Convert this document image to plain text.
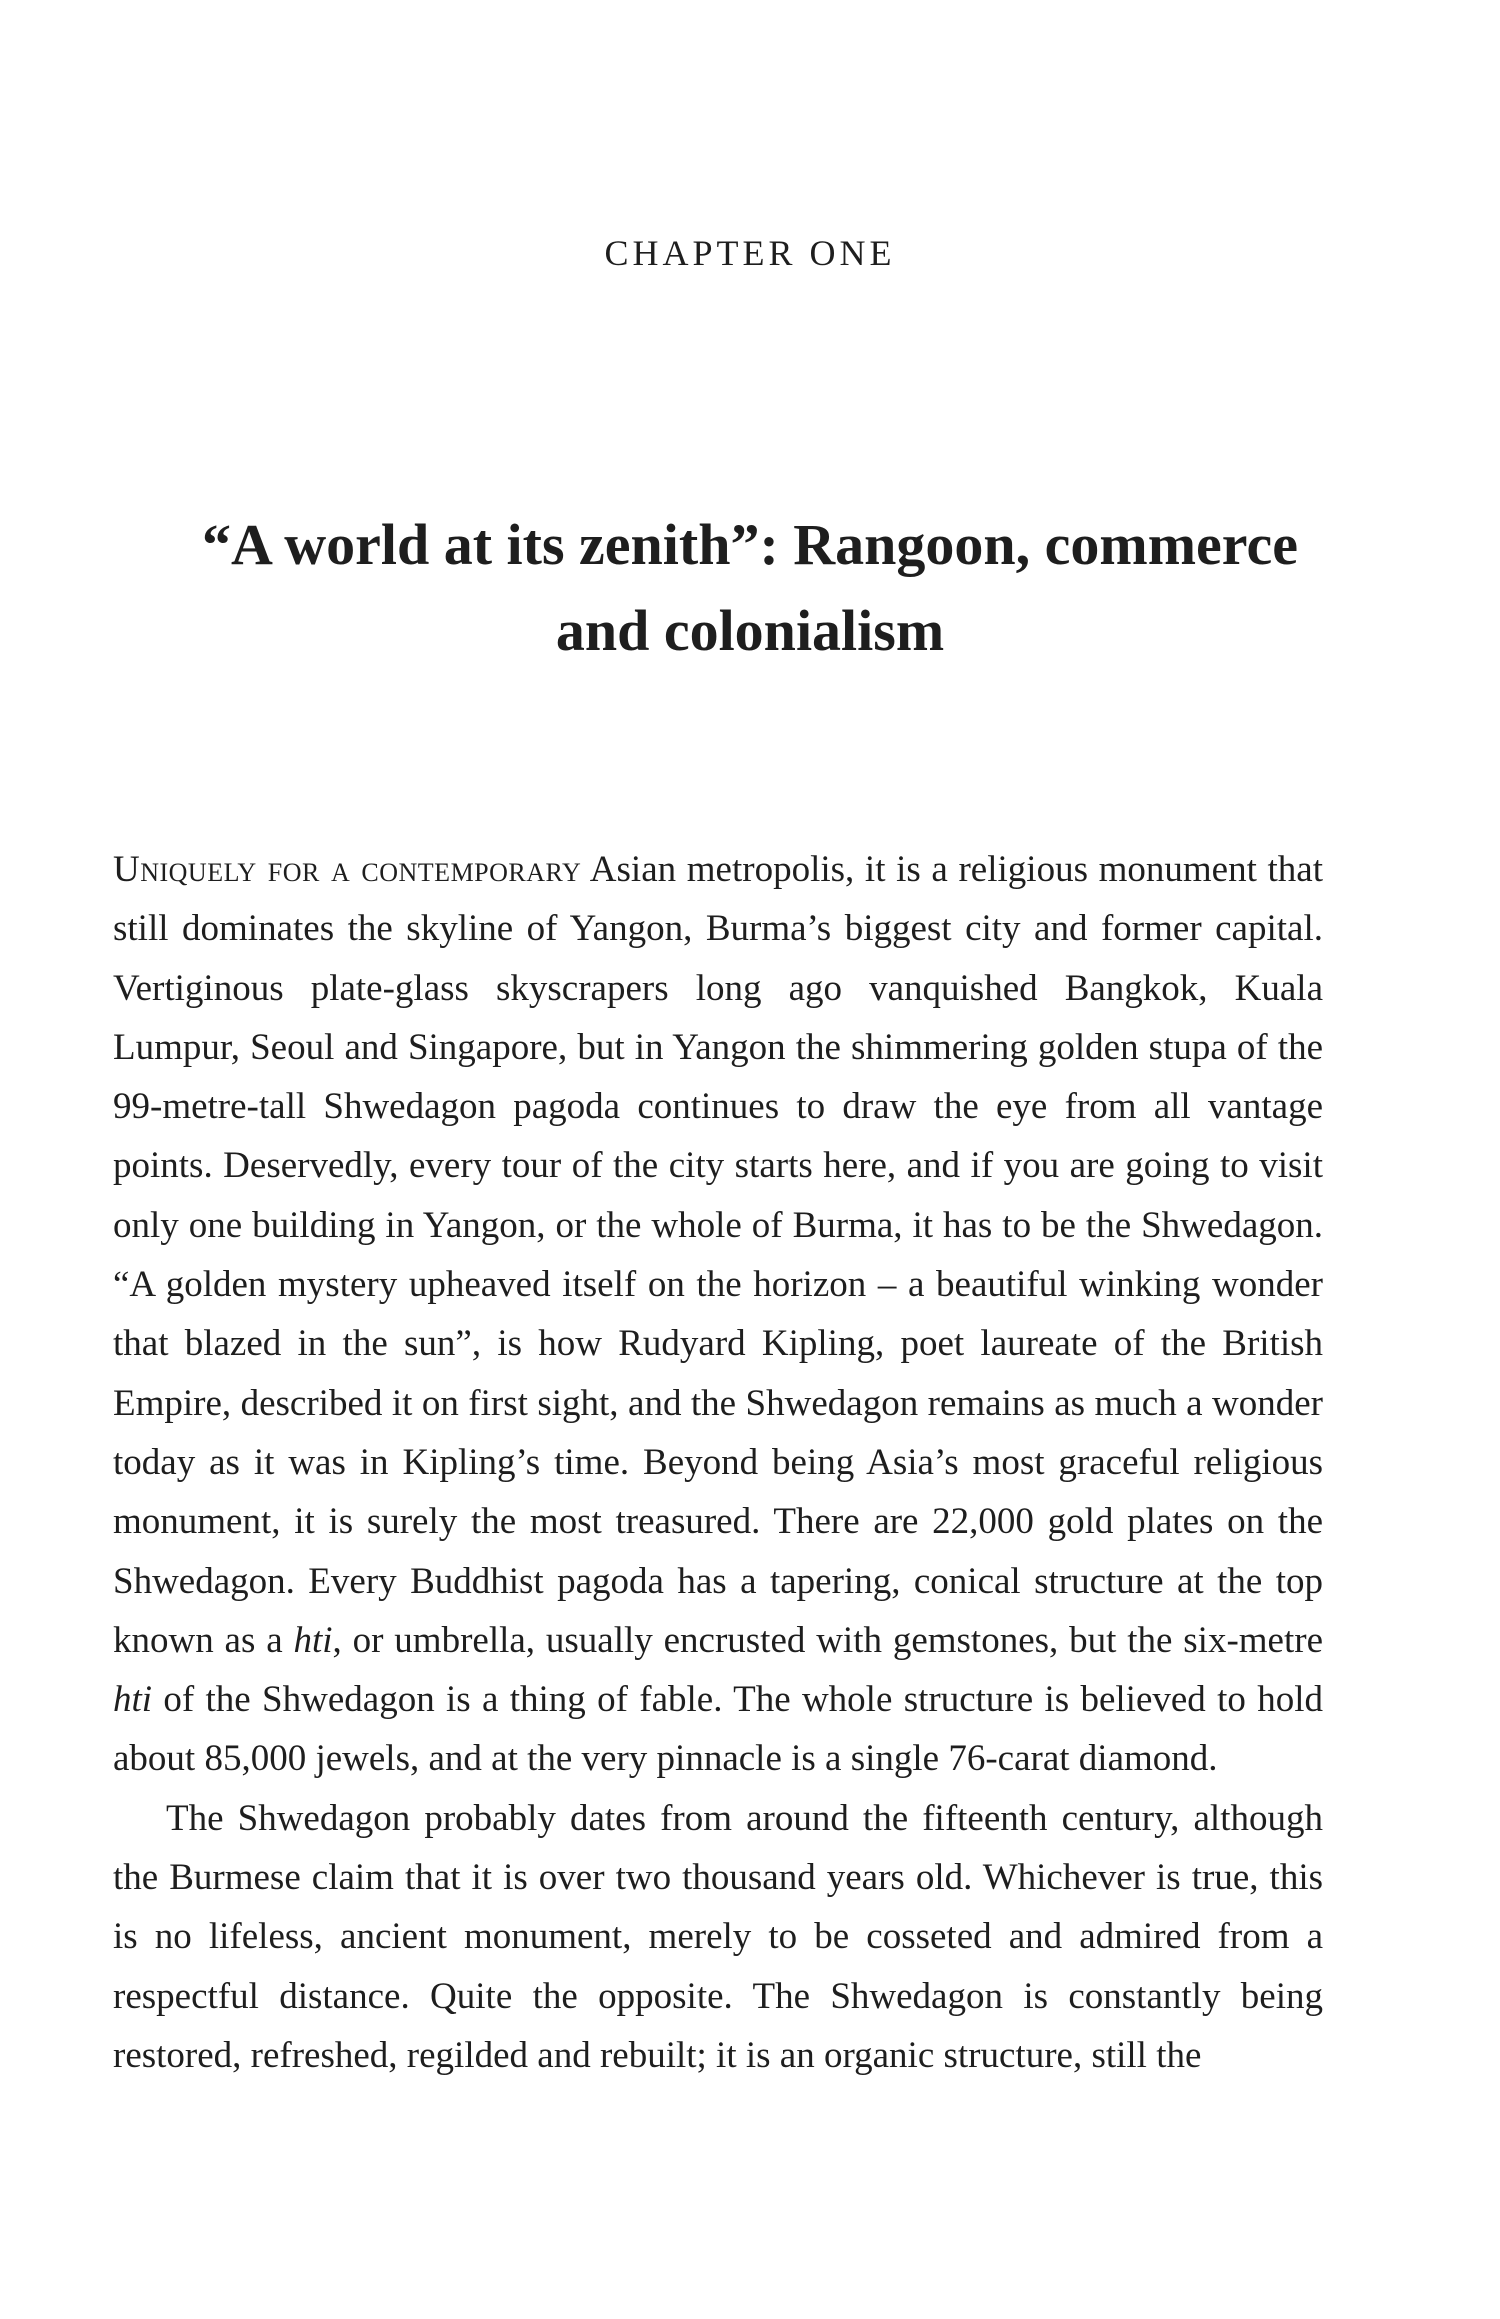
CHAPTER ONE
“A world at its zenith”: Rangoon, commerce and colonialism

Uniquely for a contemporary Asian metropolis, it is a religious monument that still dominates the skyline of Yangon, Burma’s biggest city and former capital. Vertiginous plate-glass skyscrapers long ago vanquished Bangkok, Kuala Lumpur, Seoul and Singapore, but in Yangon the shimmering golden stupa of the 99-metre-tall Shwedagon pagoda continues to draw the eye from all vantage points. Deservedly, every tour of the city starts here, and if you are going to visit only one building in Yangon, or the whole of Burma, it has to be the Shwedagon. “A golden mystery upheaved itself on the horizon – a beautiful winking wonder that blazed in the sun”, is how Rudyard Kipling, poet laureate of the British Empire, described it on first sight, and the Shwedagon remains as much a wonder today as it was in Kipling’s time. Beyond being Asia’s most graceful religious monument, it is surely the most treasured. There are 22,000 gold plates on the Shwedagon. Every Buddhist pagoda has a tapering, conical structure at the top known as a hti, or umbrella, usually encrusted with gemstones, but the six-metre hti of the Shwedagon is a thing of fable. The whole structure is believed to hold about 85,000 jewels, and at the very pinnacle is a single 76-carat diamond.

The Shwedagon probably dates from around the fifteenth century, although the Burmese claim that it is over two thousand years old. Whichever is true, this is no lifeless, ancient monument, merely to be cosseted and admired from a respectful distance. Quite the opposite. The Shwedagon is constantly being restored, refreshed, regilded and rebuilt; it is an organic structure, still the
